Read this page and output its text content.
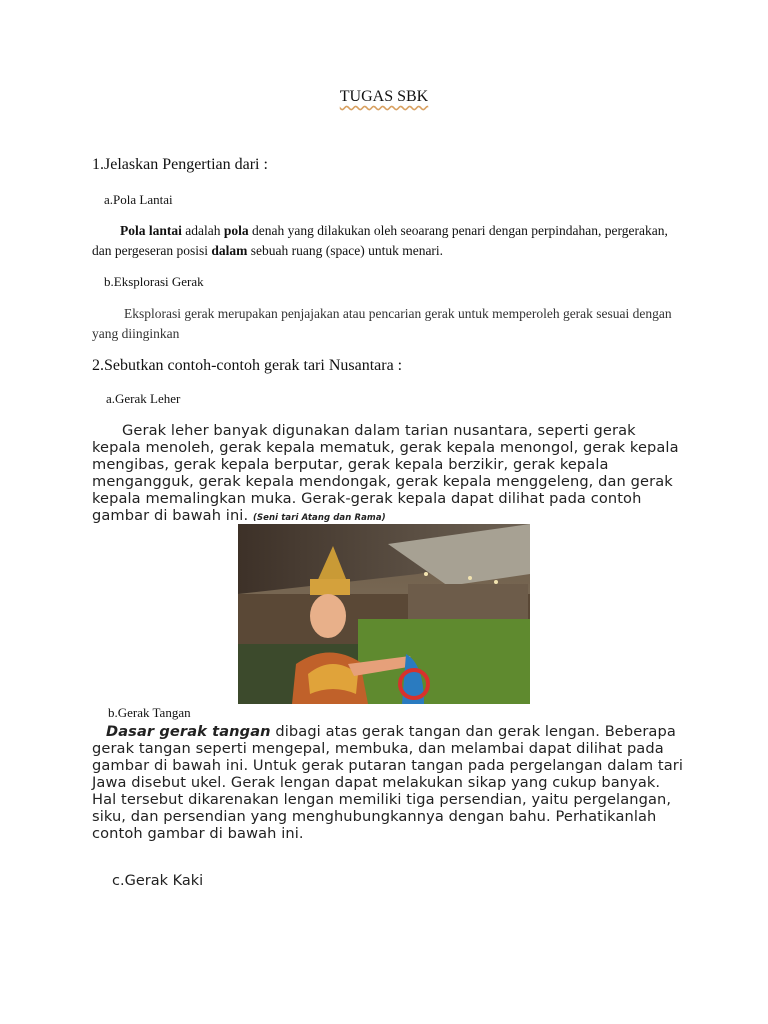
TUGAS SBK
1.Jelaskan Pengertian dari :
a.Pola Lantai
Pola lantai adalah pola denah yang dilakukan oleh seoarang penari dengan perpindahan, pergerakan, dan pergeseran posisi dalam sebuah ruang (space) untuk menari.
b.Eksplorasi Gerak
Eksplorasi gerak merupakan penjajakan atau pencarian gerak untuk memperoleh gerak sesuai dengan yang diinginkan
2.Sebutkan contoh-contoh gerak tari Nusantara :
a.Gerak Leher
Gerak leher banyak digunakan dalam tarian nusantara, seperti gerak kepala menoleh, gerak kepala mematuk, gerak kepala menongol, gerak kepala mengibas, gerak kepala berputar, gerak kepala berzikir, gerak kepala mengangguk, gerak kepala mendongak, gerak kepala menggeleng, dan gerak kepala memalingkan muka. Gerak-gerak kepala dapat dilihat pada contoh gambar di bawah ini. (Seni tari Atang dan Rama)
b.Gerak Tangan
Dasar gerak tangan dibagi atas gerak tangan dan gerak lengan. Beberapa gerak tangan seperti mengepal, membuka, dan melambai dapat dilihat pada gambar di bawah ini. Untuk gerak putaran tangan pada pergelangan dalam tari Jawa disebut ukel. Gerak lengan dapat melakukan sikap yang cukup banyak. Hal tersebut dikarenakan lengan memiliki tiga persendian, yaitu pergelangan, siku, dan persendian yang menghubungkannya dengan bahu. Perhatikanlah contoh gambar di bawah ini.
c.Gerak Kaki
